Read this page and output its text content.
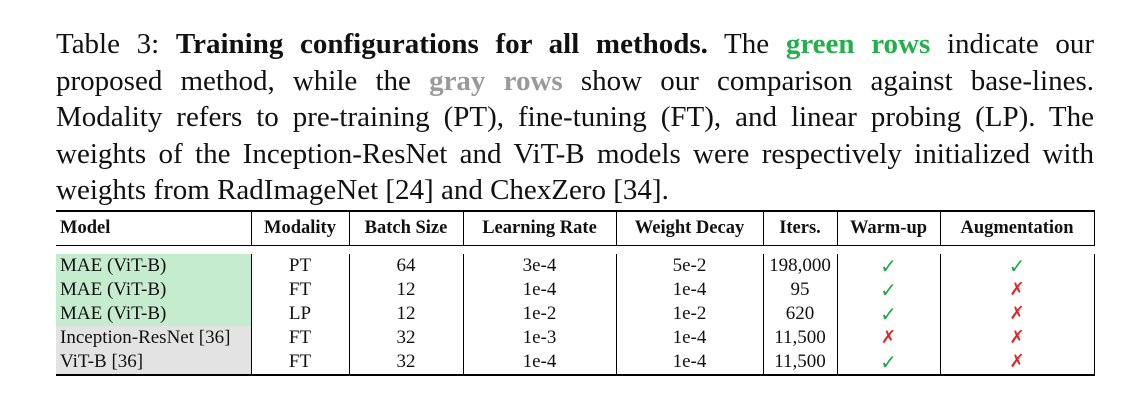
Table 3: Training configurations for all methods. The green rows indicate our proposed method, while the gray rows show our comparison against base-lines. Modality refers to pre-training (PT), fine-tuning (FT), and linear probing (LP). The weights of the Inception-ResNet and ViT-B models were respectively initialized with weights from RadImageNet [24] and ChexZero [34].
Model	Modality	Batch Size	Learning Rate	Weight Decay	Iters.	Warm-up	Augmentation

MAE (ViT-B)	PT	64	3e-4	5e-2	198,000	✓	✓
MAE (ViT-B)	FT	12	1e-4	1e-4	95	✓	✗
MAE (ViT-B)	LP	12	1e-2	1e-2	620	✓	✗
Inception-ResNet [36]	FT	32	1e-3	1e-4	11,500	✗	✗
ViT-B [36]	FT	32	1e-4	1e-4	11,500	✓	✗
